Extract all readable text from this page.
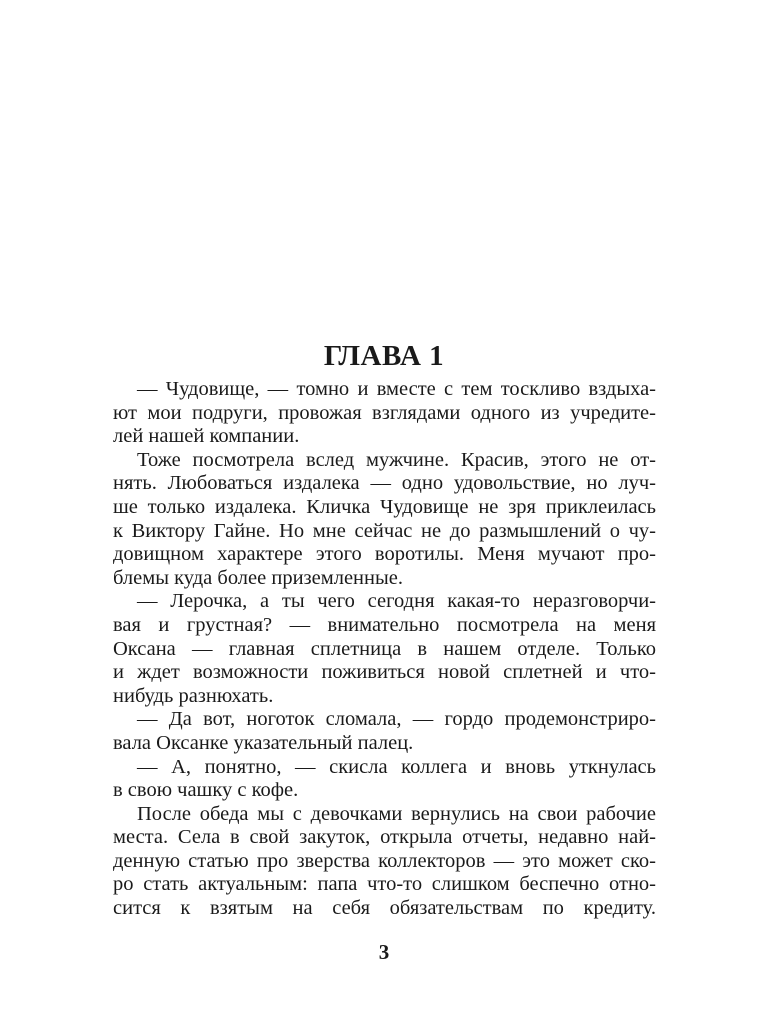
ГЛАВА 1
— Чудовище, — томно и вместе с тем тоскливо вздыха-
ют мои подруги, провожая взглядами одного из учредите-
лей нашей компании.
Тоже посмотрела вслед мужчине. Красив, этого не от-
нять. Любоваться издалека — одно удовольствие, но луч-
ше только издалека. Кличка Чудовище не зря приклеилась
к Виктору Гайне. Но мне сейчас не до размышлений о чу-
довищном характере этого воротилы. Меня мучают про-
блемы куда более приземленные.
— Лерочка, а ты чего сегодня какая-то неразговорчи-
вая и грустная? — внимательно посмотрела на меня
Оксана — главная сплетница в нашем отделе. Только
и ждет возможности поживиться новой сплетней и что-
нибудь разнюхать.
— Да вот, ноготок сломала, — гордо продемонстриро-
вала Оксанке указательный палец.
— А, понятно, — скисла коллега и вновь уткнулась
в свою чашку с кофе.
После обеда мы с девочками вернулись на свои рабочие
места. Села в свой закуток, открыла отчеты, недавно най-
денную статью про зверства коллекторов — это может ско-
ро стать актуальным: папа что-то слишком беспечно отно-
сится к взятым на себя обязательствам по кредиту.
3
